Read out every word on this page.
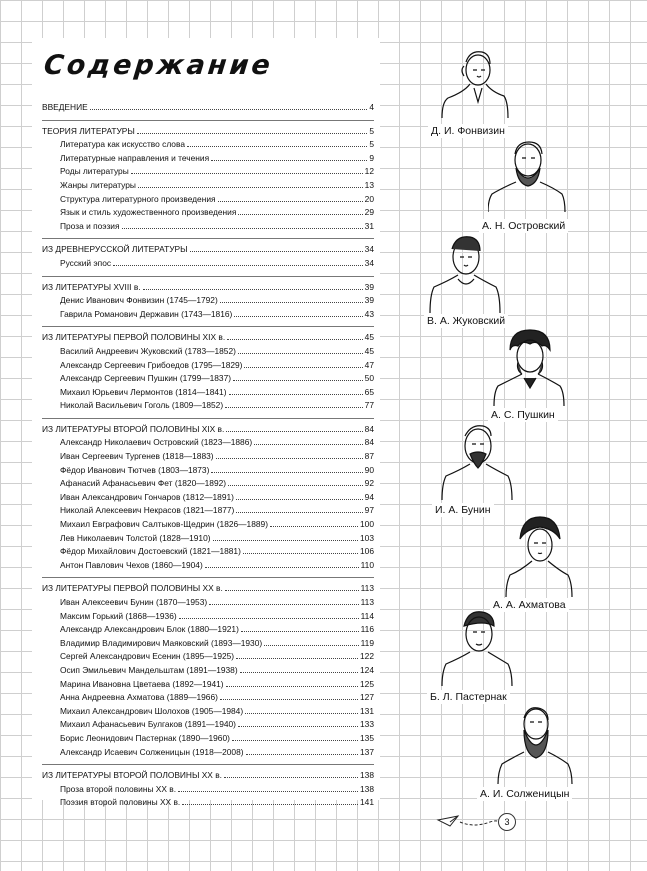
Содержание
ВВЕДЕНИЕ	4
ТЕОРИЯ ЛИТЕРАТУРЫ	5
Литература как искусство слова	5
Литературные направления и течения	9
Роды литературы	12
Жанры литературы	13
Структура литературного произведения	20
Язык и стиль художественного произведения	29
Проза и поэзия	31
ИЗ ДРЕВНЕРУССКОЙ ЛИТЕРАТУРЫ	34
Русский эпос	34
ИЗ ЛИТЕРАТУРЫ XVIII в.	39
Денис Иванович Фонвизин (1745—1792)	39
Гаврила Романович Державин (1743—1816)	43
ИЗ ЛИТЕРАТУРЫ ПЕРВОЙ ПОЛОВИНЫ XIX в.	45
Василий Андреевич Жуковский (1783—1852)	45
Александр Сергеевич Грибоедов (1795—1829)	47
Александр Сергеевич Пушкин (1799—1837)	50
Михаил Юрьевич Лермонтов (1814—1841)	65
Николай Васильевич Гоголь (1809—1852)	77
ИЗ ЛИТЕРАТУРЫ ВТОРОЙ ПОЛОВИНЫ XIX в.	84
Александр Николаевич Островский (1823—1886)	84
Иван Сергеевич Тургенев (1818—1883)	87
Фёдор Иванович Тютчев (1803—1873)	90
Афанасий Афанасьевич Фет (1820—1892)	92
Иван Александрович Гончаров (1812—1891)	94
Николай Алексеевич Некрасов (1821—1877)	97
Михаил Евграфович Салтыков-Щедрин (1826—1889)	100
Лев Николаевич Толстой (1828—1910)	103
Фёдор Михайлович Достоевский (1821—1881)	106
Антон Павлович Чехов (1860—1904)	110
ИЗ ЛИТЕРАТУРЫ ПЕРВОЙ ПОЛОВИНЫ XX в.	113
Иван Алексеевич Бунин (1870—1953)	113
Максим Горький (1868—1936)	114
Александр Александрович Блок (1880—1921)	116
Владимир Владимирович Маяковский (1893—1930)	119
Сергей Александрович Есенин (1895—1925)	122
Осип Эмильевич Мандельштам (1891—1938)	124
Марина Ивановна Цветаева (1892—1941)	125
Анна Андреевна Ахматова (1889—1966)	127
Михаил Александрович Шолохов (1905—1984)	131
Михаил Афанасьевич Булгаков (1891—1940)	133
Борис Леонидович Пастернак (1890—1960)	135
Александр Исаевич Солженицын (1918—2008)	137
ИЗ ЛИТЕРАТУРЫ ВТОРОЙ ПОЛОВИНЫ XX в.	138
Проза второй половины XX в.	138
Поэзия второй половины XX в.	141
Д. И. Фонвизин
А. Н. Островский
В. А. Жуковский
А. С. Пушкин
И. А. Бунин
А. А. Ахматова
Б. Л. Пастернак
А. И. Солженицын
3
